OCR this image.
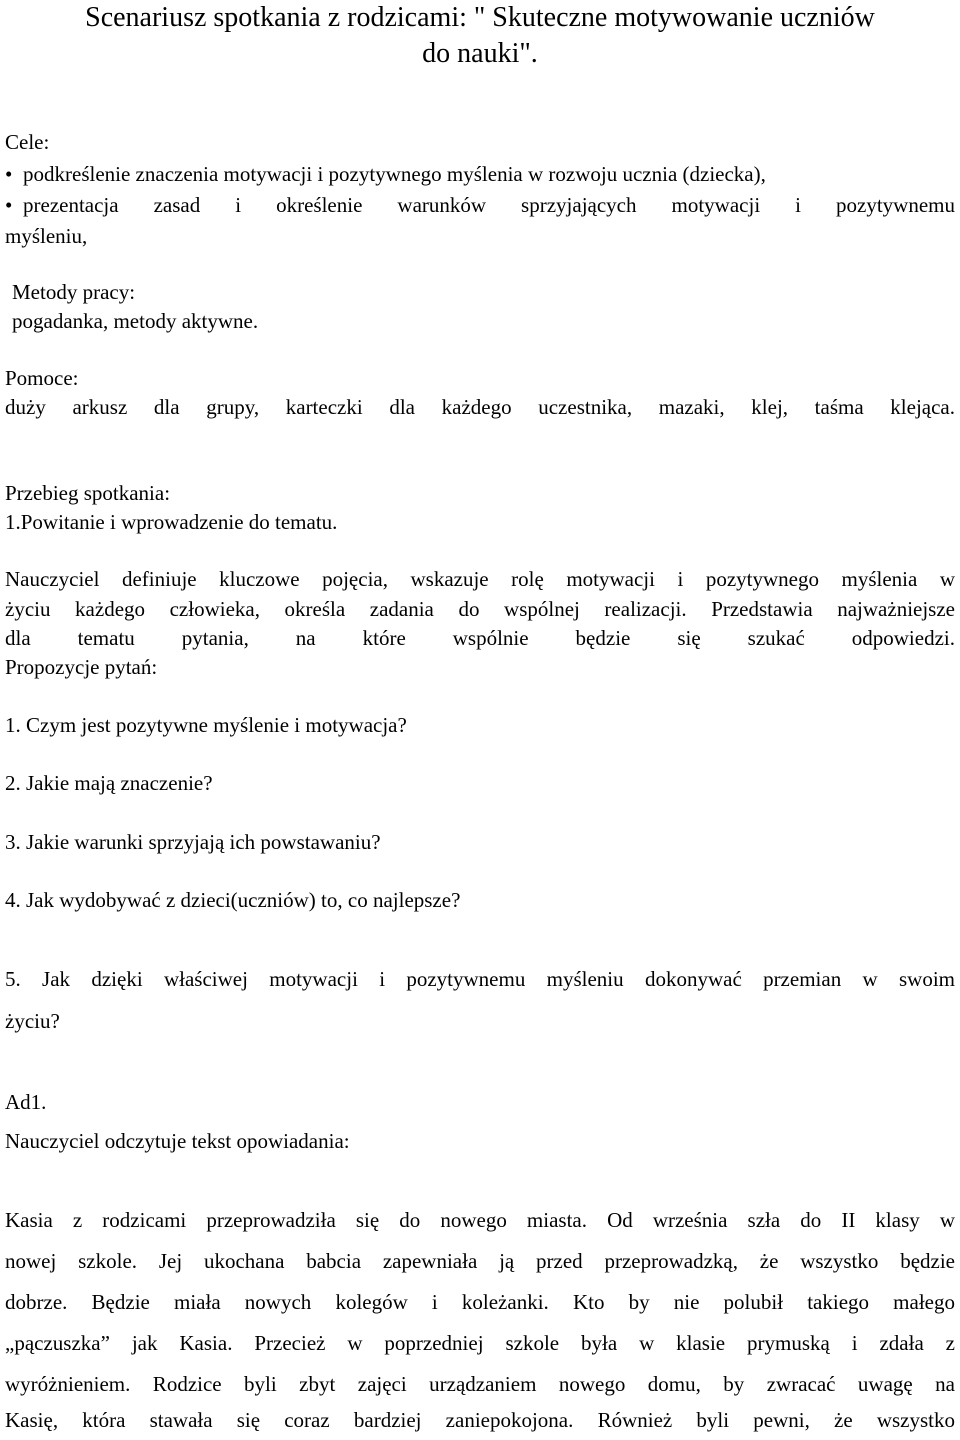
Scenariusz spotkania z rodzicami: " Skuteczne motywowanie uczniów
do nauki".
Cele:
• podkreślenie znaczenia motywacji i pozytywnego myślenia w rozwoju ucznia (dziecka),
• prezentacja zasad i określenie warunków sprzyjających motywacji i pozytywnemu
myśleniu,
Metody pracy:
pogadanka, metody aktywne.
Pomoce:
duży arkusz dla grupy, karteczki dla każdego uczestnika, mazaki, klej, taśma klejąca.
Przebieg spotkania:
1.Powitanie i wprowadzenie do tematu.
Nauczyciel definiuje kluczowe pojęcia, wskazuje rolę motywacji i pozytywnego myślenia w
życiu każdego człowieka, określa zadania do wspólnej realizacji. Przedstawia najważniejsze
dla tematu pytania, na które wspólnie będzie się szukać odpowiedzi.
Propozycje pytań:
1. Czym jest pozytywne myślenie i motywacja?
2. Jakie mają znaczenie?
3. Jakie warunki sprzyjają ich powstawaniu?
4. Jak wydobywać z dzieci(uczniów) to, co najlepsze?
5. Jak dzięki właściwej motywacji i pozytywnemu myśleniu dokonywać przemian w swoim
życiu?
Ad1.
Nauczyciel odczytuje tekst opowiadania:
Kasia z rodzicami przeprowadziła się do nowego miasta. Od września szła do II klasy w
nowej szkole. Jej ukochana babcia zapewniała ją przed przeprowadzką, że wszystko będzie
dobrze. Będzie miała nowych kolegów i koleżanki. Kto by nie polubił takiego małego
„pączuszka” jak Kasia. Przecież w poprzedniej szkole była w klasie prymuską i zdała z
wyróżnieniem. Rodzice byli zbyt zajęci urządzaniem nowego domu, by zwracać uwagę na
Kasię, która stawała się coraz bardziej zaniepokojona. Również byli pewni, że wszystko
